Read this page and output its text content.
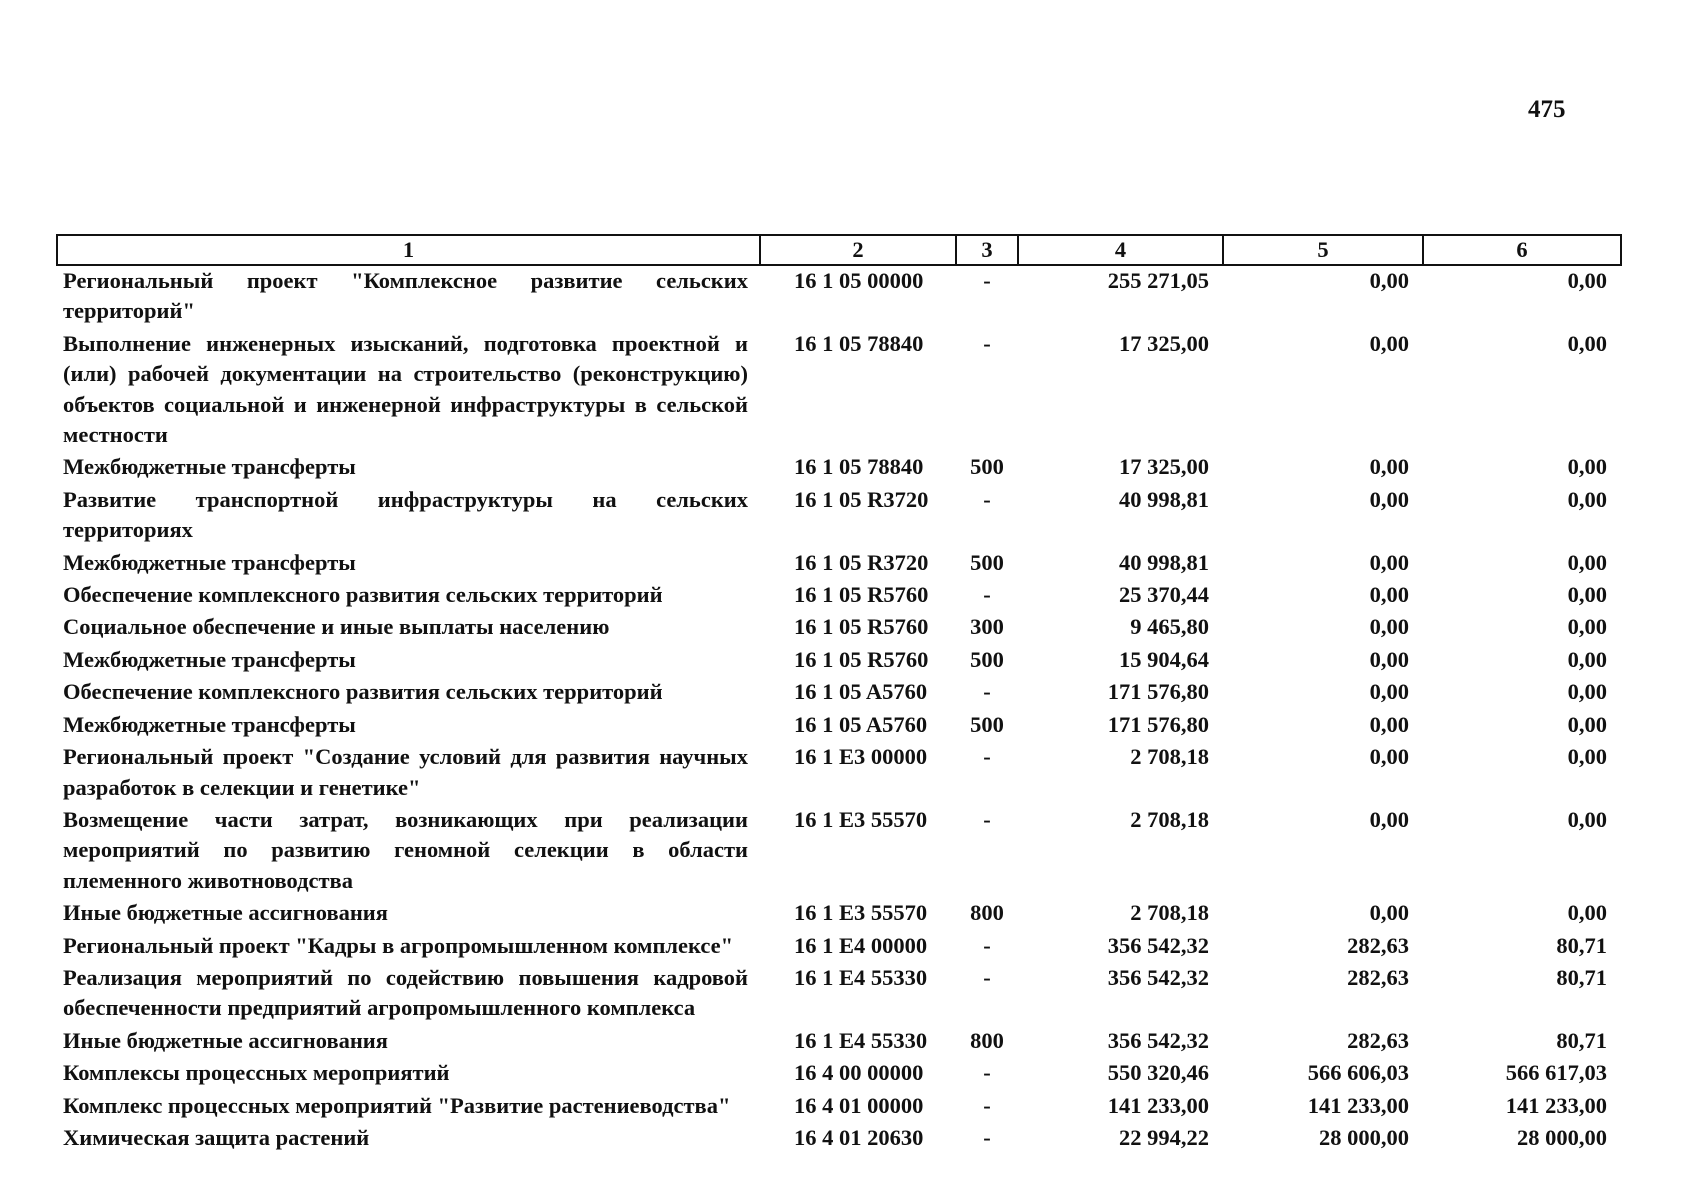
475
1	2	3	4	5	6
Региональный проект "Комплексное развитие сельских территорий"	16 1 05 00000	-	255 271,05	0,00	0,00
Выполнение инженерных изысканий, подготовка проектной и (или) рабочей документации на строительство (реконструкцию) объектов социальной и инженерной инфраструктуры в сельской местности	16 1 05 78840	-	17 325,00	0,00	0,00
Межбюджетные трансферты	16 1 05 78840	500	17 325,00	0,00	0,00
Развитие транспортной инфраструктуры на сельских территориях	16 1 05 R3720	-	40 998,81	0,00	0,00
Межбюджетные трансферты	16 1 05 R3720	500	40 998,81	0,00	0,00
Обеспечение комплексного развития сельских территорий	16 1 05 R5760	-	25 370,44	0,00	0,00
Социальное обеспечение и иные выплаты населению	16 1 05 R5760	300	9 465,80	0,00	0,00
Межбюджетные трансферты	16 1 05 R5760	500	15 904,64	0,00	0,00
Обеспечение комплексного развития сельских территорий	16 1 05 A5760	-	171 576,80	0,00	0,00
Межбюджетные трансферты	16 1 05 A5760	500	171 576,80	0,00	0,00
Региональный проект "Создание условий для развития научных разработок в селекции и генетике"	16 1 E3 00000	-	2 708,18	0,00	0,00
Возмещение части затрат, возникающих при реализации мероприятий по развитию геномной селекции в области племенного животноводства	16 1 E3 55570	-	2 708,18	0,00	0,00
Иные бюджетные ассигнования	16 1 E3 55570	800	2 708,18	0,00	0,00
Региональный проект "Кадры в агропромышленном комплексе"	16 1 E4 00000	-	356 542,32	282,63	80,71
Реализация мероприятий по содействию повышения кадровой обеспеченности предприятий агропромышленного комплекса	16 1 E4 55330	-	356 542,32	282,63	80,71
Иные бюджетные ассигнования	16 1 E4 55330	800	356 542,32	282,63	80,71
Комплексы процессных мероприятий	16 4 00 00000	-	550 320,46	566 606,03	566 617,03
Комплекс процессных мероприятий "Развитие растениеводства"	16 4 01 00000	-	141 233,00	141 233,00	141 233,00
Химическая защита растений	16 4 01 20630	-	22 994,22	28 000,00	28 000,00
